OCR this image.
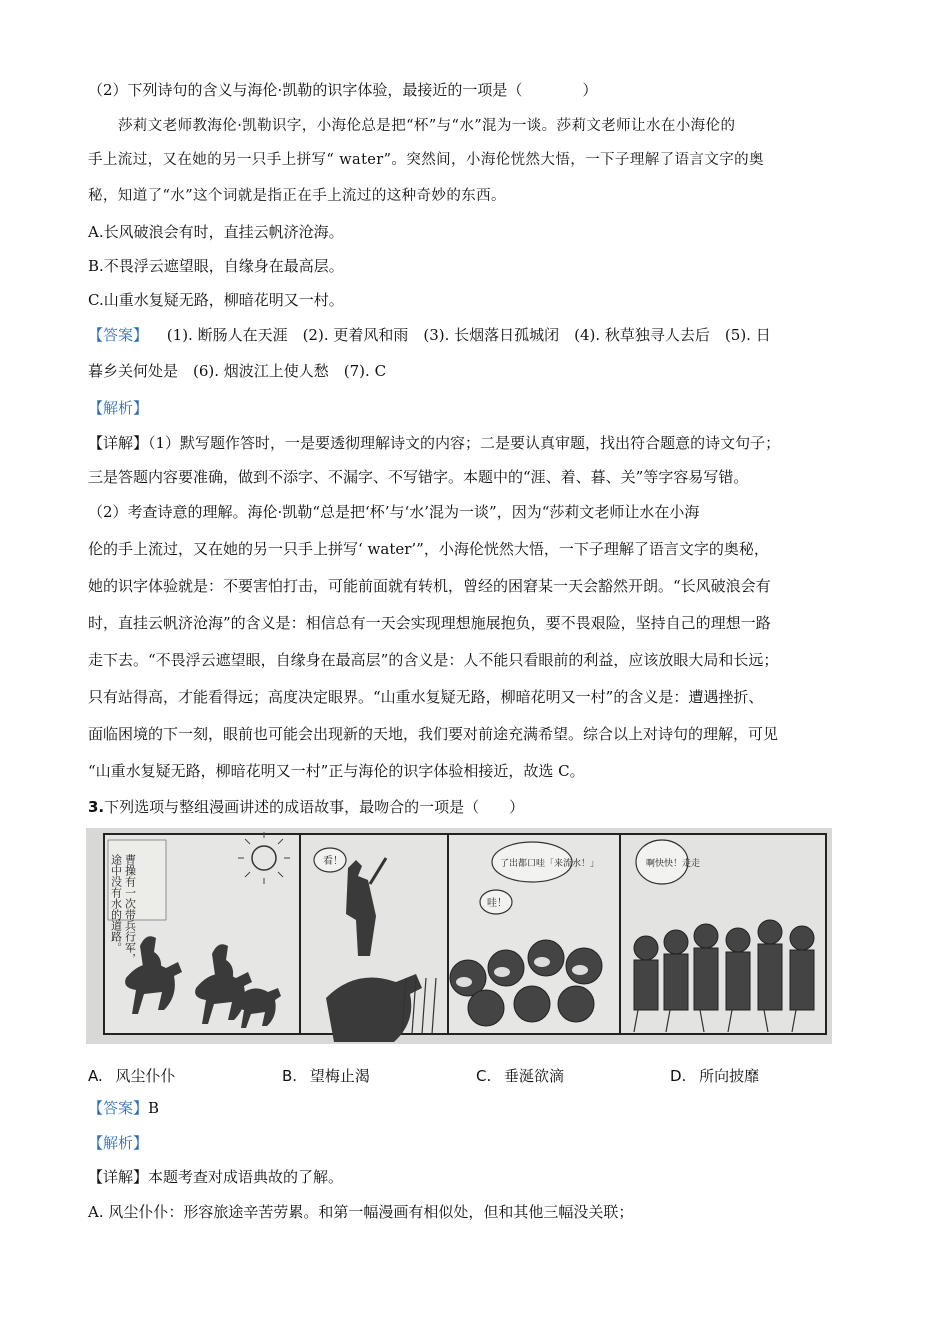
（2）下列诗句的含义与海伦·凯勒的识字体验，最接近的一项是（　　　　）
莎莉文老师教海伦·凯勒识字，小海伦总是把“杯”与“水”混为一谈。莎莉文老师让水在小海伦的
手上流过，又在她的另一只手上拼写“ water”。突然间，小海伦恍然大悟，一下子理解了语言文字的奥
秘，知道了“水”这个词就是指正在手上流过的这种奇妙的东西。
A.长风破浪会有时，直挂云帆济沧海。
B.不畏浮云遮望眼，自缘身在最高层。
C.山重水复疑无路，柳暗花明又一村。
【答案】 (1). 断肠人在天涯　(2). 更着风和雨　(3). 长烟落日孤城闭　(4). 秋草独寻人去后　(5). 日
暮乡关何处是　(6). 烟波江上使人愁　(7). C
【解析】
【详解】（1）默写题作答时，一是要透彻理解诗文的内容；二是要认真审题，找出符合题意的诗文句子；
三是答题内容要准确，做到不添字、不漏字、不写错字。本题中的“涯、着、暮、关”等字容易写错。
（2）考查诗意的理解。海伦·凯勒“总是把‘杯’与‘水’混为一谈”，因为“莎莉文老师让水在小海
伦的手上流过，又在她的另一只手上拼写‘ water’”，小海伦恍然大悟，一下子理解了语言文字的奥秘，
她的识字体验就是：不要害怕打击，可能前面就有转机，曾经的困窘某一天会豁然开朗。“长风破浪会有
时，直挂云帆济沧海”的含义是：相信总有一天会实现理想施展抱负，要不畏艰险，坚持自己的理想一路
走下去。“不畏浮云遮望眼，自缘身在最高层”的含义是：人不能只看眼前的利益，应该放眼大局和长远；
只有站得高，才能看得远；高度决定眼界。“山重水复疑无路，柳暗花明又一村”的含义是：遭遇挫折、
面临困境的下一刻，眼前也可能会出现新的天地，我们要对前途充满希望。综合以上对诗句的理解，可见
“山重水复疑无路，柳暗花明又一村”正与海伦的识字体验相接近，故选 C。
3.下列选项与整组漫画讲述的成语故事，最吻合的一项是（　　）
曹操有一次带兵行军，
途中没有水的道路。	看！	了出都口哇「来流水！」
哇！
啊快快！走走
A. 风尘仆仆	B. 望梅止渴	C. 垂涎欲滴	D. 所向披靡
【答案】B
【解析】
【详解】本题考查对成语典故的了解。
A. 风尘仆仆：形容旅途辛苦劳累。和第一幅漫画有相似处，但和其他三幅没关联；
